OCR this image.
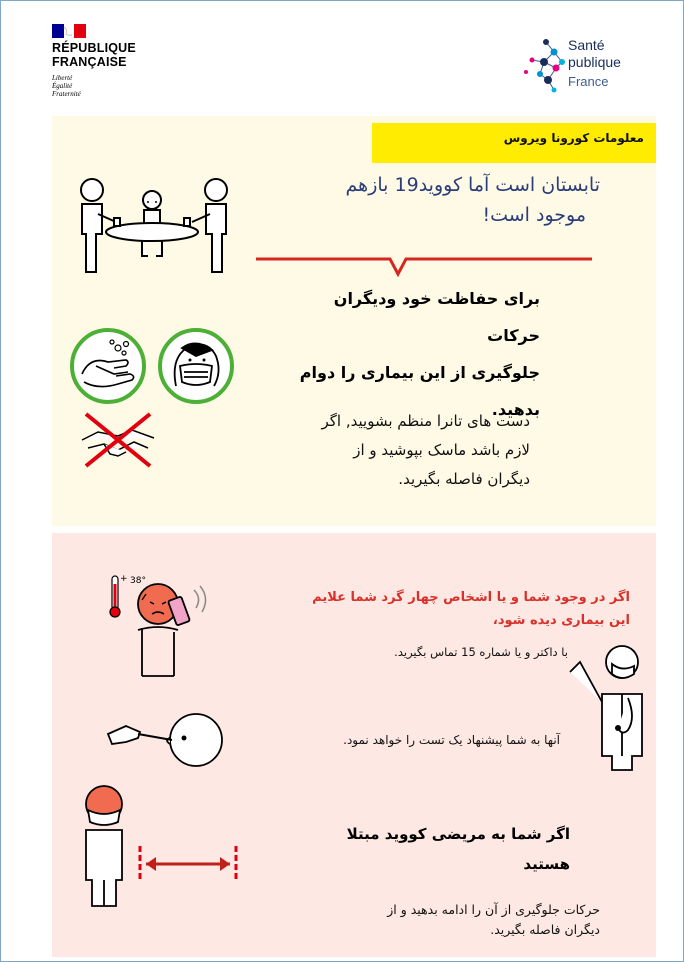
RÉPUBLIQUE
FRANÇAISE
Liberté
Égalité
Fraternité
Santé
publique
France
معلومات کورونا ویروس
تابستان است آما کووید19 بازهم
موجود است!
برای حفاظت خود ودیگران حرکات
جلوگیری از این بیماری را دوام
بدهید.
دست های تانرا منظم بشویید, اگر
لازم باشد ماسک بپوشید و از
دیگران فاصله بگیرید.
+ 38°
اگر در وجود شما و یا اشخاص چهار گرد شما علایم
این بیماری دیده شود،
با داکتر و یا شماره 15 تماس بگیرید.
آنها به شما پیشنهاد یک تست را خواهد نمود.
اگر شما به مریضی کووید مبتلا
هستید
حرکات جلوگیری از آن را ادامه بدهید و از
دیگران فاصله بگیرید.
